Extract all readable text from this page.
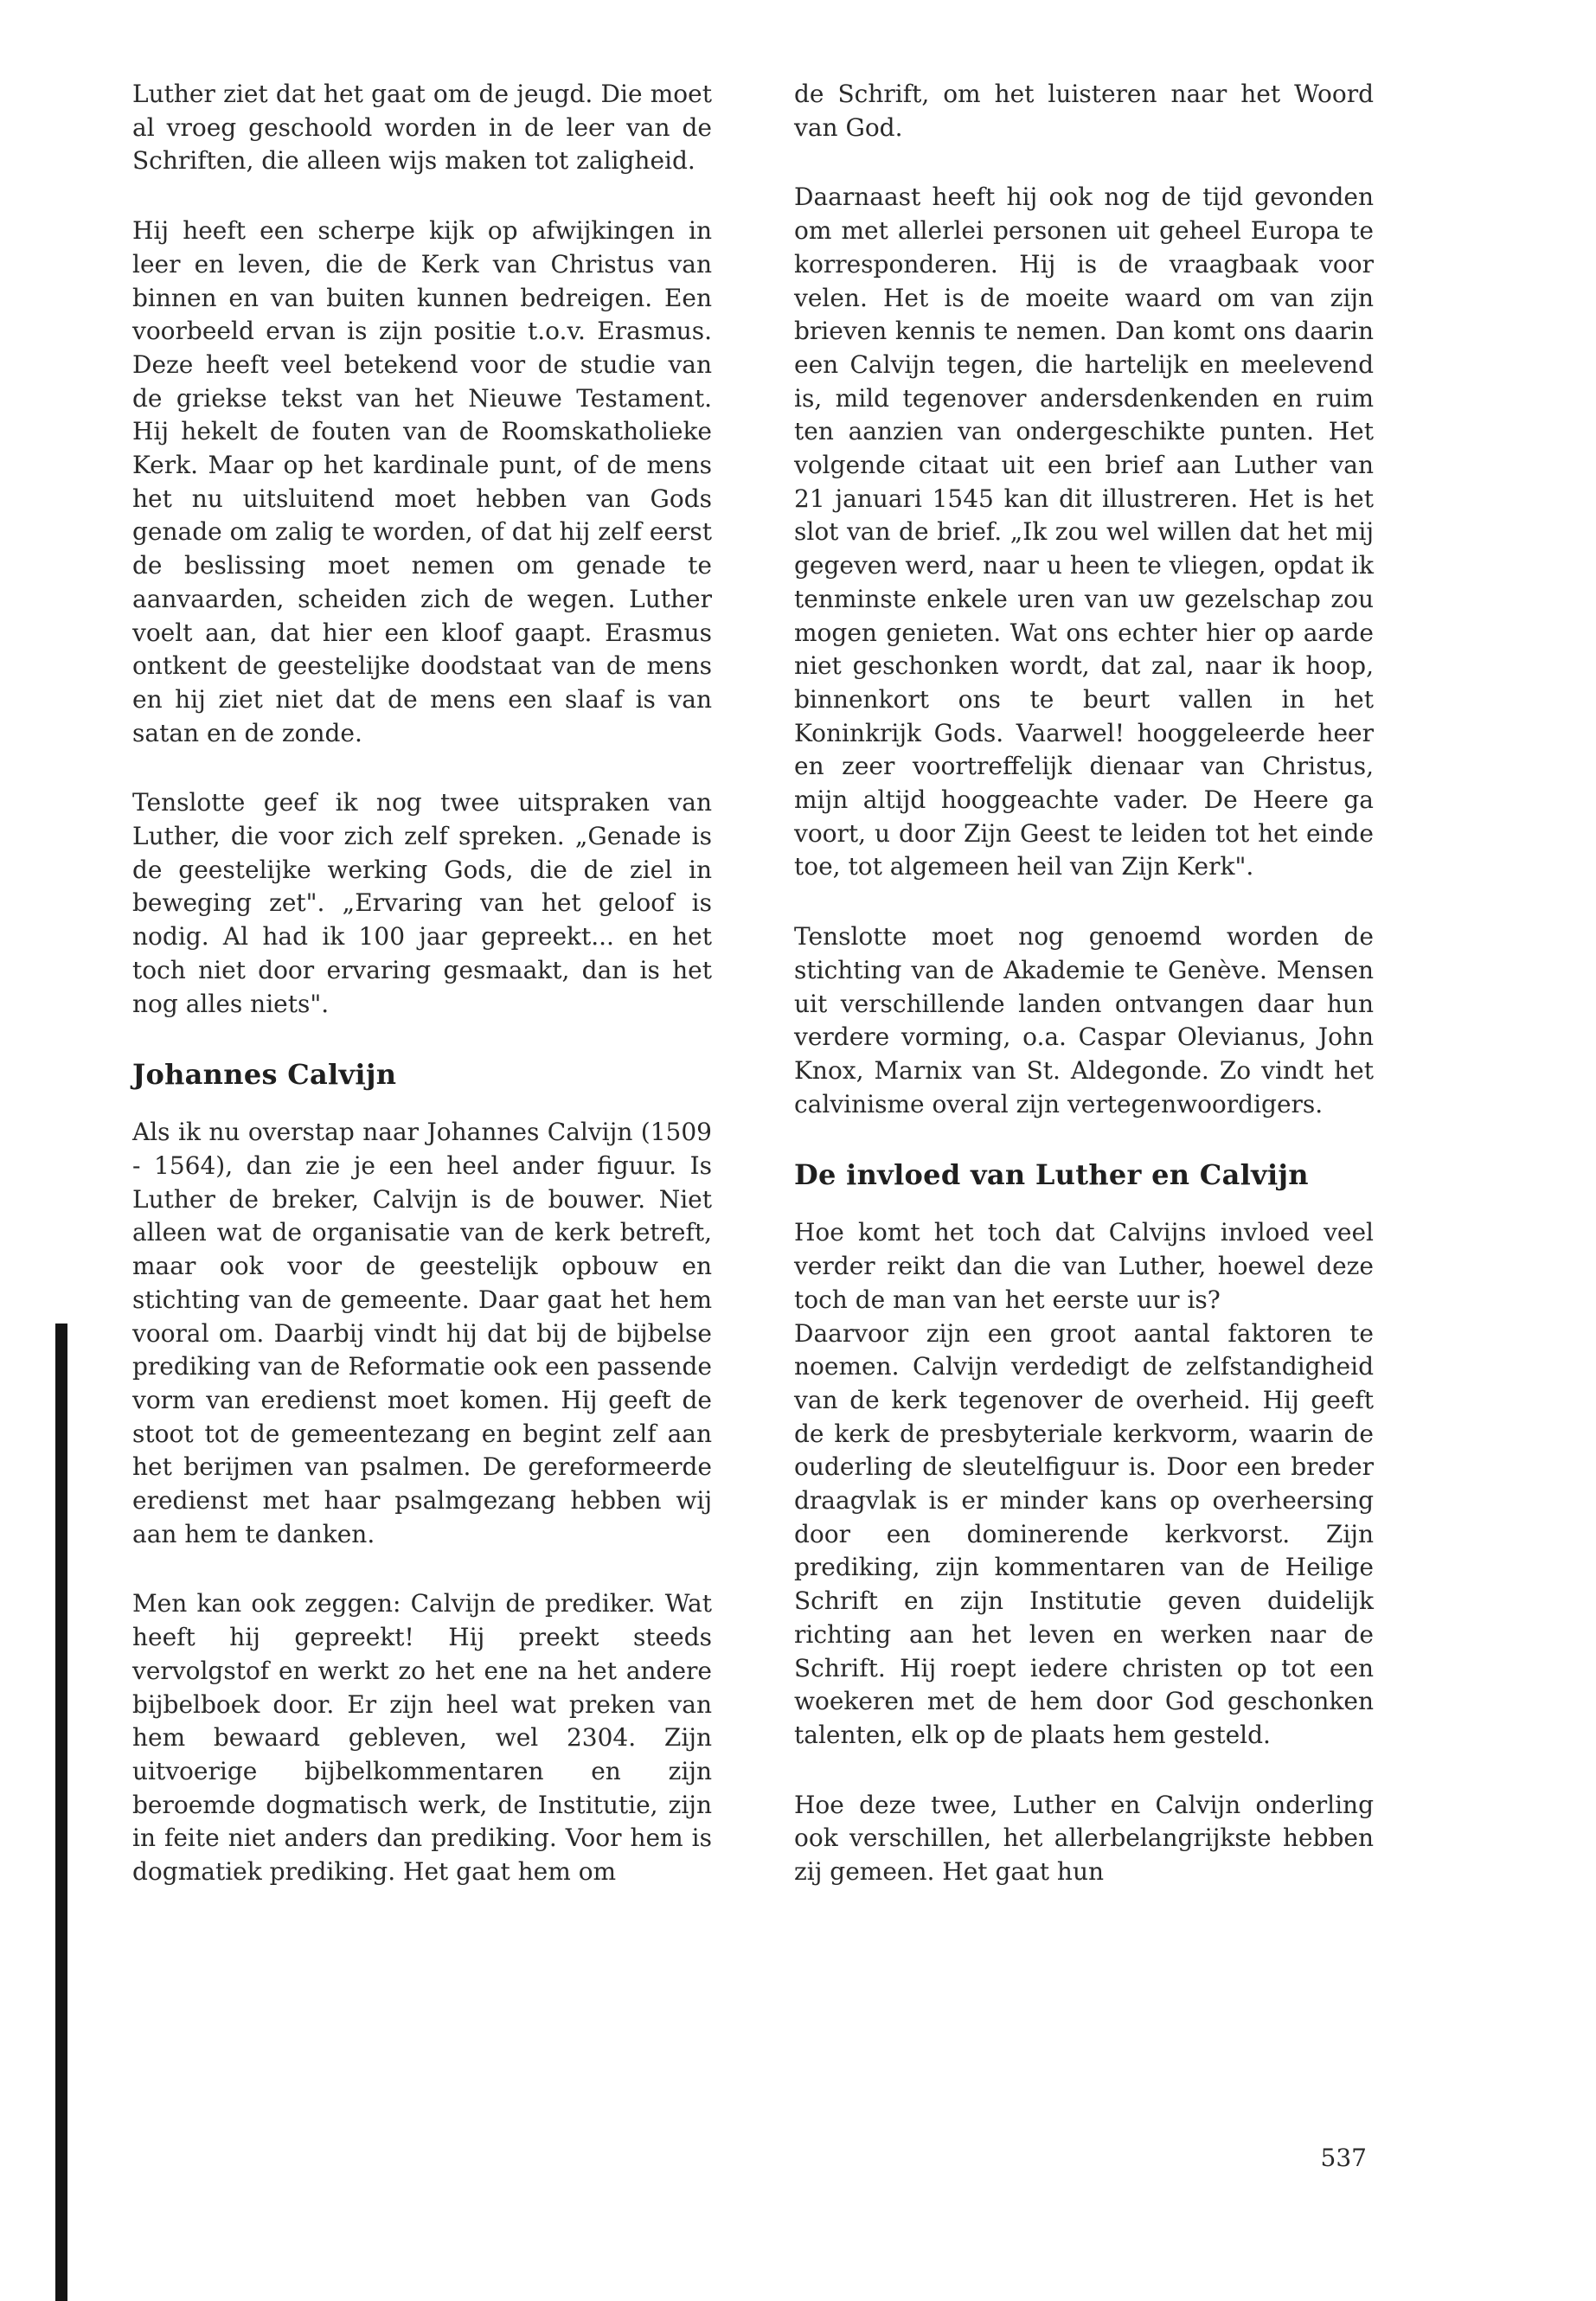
Luther ziet dat het gaat om de jeugd. Die moet al vroeg geschoold worden in de leer van de Schriften, die alleen wijs maken tot zaligheid.

Hij heeft een scherpe kijk op afwijkingen in leer en leven, die de Kerk van Christus van binnen en van buiten kunnen bedreigen. Een voorbeeld ervan is zijn positie t.o.v. Erasmus. Deze heeft veel betekend voor de studie van de griekse tekst van het Nieuwe Testament. Hij hekelt de fouten van de Roomskatholieke Kerk. Maar op het kardinale punt, of de mens het nu uitsluitend moet hebben van Gods genade om zalig te worden, of dat hij zelf eerst de beslissing moet nemen om genade te aanvaarden, scheiden zich de wegen. Luther voelt aan, dat hier een kloof gaapt. Erasmus ontkent de geestelijke doodstaat van de mens en hij ziet niet dat de mens een slaaf is van satan en de zonde.

Tenslotte geef ik nog twee uitspraken van Luther, die voor zich zelf spreken. „Genade is de geestelijke werking Gods, die de ziel in beweging zet". „Ervaring van het geloof is nodig. Al had ik 100 jaar gepreekt... en het toch niet door ervaring gesmaakt, dan is het nog alles niets".

Johannes Calvijn

Als ik nu overstap naar Johannes Calvijn (1509 - 1564), dan zie je een heel ander figuur. Is Luther de breker, Calvijn is de bouwer. Niet alleen wat de organisatie van de kerk betreft, maar ook voor de geestelijk opbouw en stichting van de gemeente. Daar gaat het hem vooral om. Daarbij vindt hij dat bij de bijbelse prediking van de Reformatie ook een passende vorm van eredienst moet komen. Hij geeft de stoot tot de gemeentezang en begint zelf aan het berijmen van psalmen. De gereformeerde eredienst met haar psalmgezang hebben wij aan hem te danken.

Men kan ook zeggen: Calvijn de prediker. Wat heeft hij gepreekt! Hij preekt steeds vervolgstof en werkt zo het ene na het andere bijbelboek door. Er zijn heel wat preken van hem bewaard gebleven, wel 2304. Zijn uitvoerige bijbelkommentaren en zijn beroemde dogmatisch werk, de Institutie, zijn in feite niet anders dan prediking. Voor hem is dogmatiek prediking. Het gaat hem om

de Schrift, om het luisteren naar het Woord van God.

Daarnaast heeft hij ook nog de tijd gevonden om met allerlei personen uit geheel Europa te korresponderen. Hij is de vraagbaak voor velen. Het is de moeite waard om van zijn brieven kennis te nemen. Dan komt ons daarin een Calvijn tegen, die hartelijk en meelevend is, mild tegenover andersdenkenden en ruim ten aanzien van ondergeschikte punten. Het volgende citaat uit een brief aan Luther van 21 januari 1545 kan dit illustreren. Het is het slot van de brief. „Ik zou wel willen dat het mij gegeven werd, naar u heen te vliegen, opdat ik tenminste enkele uren van uw gezelschap zou mogen genieten. Wat ons echter hier op aarde niet geschonken wordt, dat zal, naar ik hoop, binnenkort ons te beurt vallen in het Koninkrijk Gods. Vaarwel! hooggeleerde heer en zeer voortreffelijk dienaar van Christus, mijn altijd hooggeachte vader. De Heere ga voort, u door Zijn Geest te leiden tot het einde toe, tot algemeen heil van Zijn Kerk".

Tenslotte moet nog genoemd worden de stichting van de Akademie te Genève. Mensen uit verschillende landen ontvangen daar hun verdere vorming, o.a. Caspar Olevianus, John Knox, Marnix van St. Aldegonde. Zo vindt het calvinisme overal zijn vertegenwoordigers.

De invloed van Luther en Calvijn

Hoe komt het toch dat Calvijns invloed veel verder reikt dan die van Luther, hoewel deze toch de man van het eerste uur is?

Daarvoor zijn een groot aantal faktoren te noemen. Calvijn verdedigt de zelfstandigheid van de kerk tegenover de overheid. Hij geeft de kerk de presbyteriale kerkvorm, waarin de ouderling de sleutelfiguur is. Door een breder draagvlak is er minder kans op overheersing door een dominerende kerkvorst. Zijn prediking, zijn kommentaren van de Heilige Schrift en zijn Institutie geven duidelijk richting aan het leven en werken naar de Schrift. Hij roept iedere christen op tot een woekeren met de hem door God geschonken talenten, elk op de plaats hem gesteld.

Hoe deze twee, Luther en Calvijn onderling ook verschillen, het allerbelangrijkste hebben zij gemeen. Het gaat hun

537
